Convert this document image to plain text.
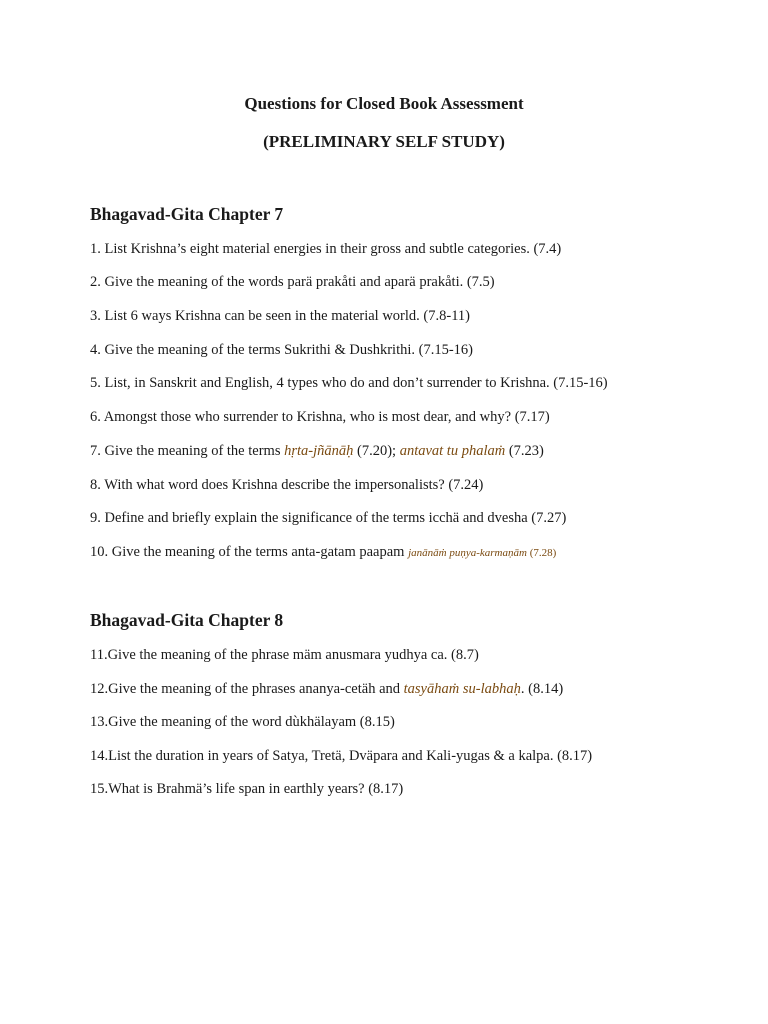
Questions for Closed Book Assessment
(PRELIMINARY SELF STUDY)
Bhagavad-Gita Chapter 7
1. List Krishna’s eight material energies in their gross and subtle categories. (7.4)
2. Give the meaning of the words parä prakåti and aparä prakåti. (7.5)
3. List 6 ways Krishna can be seen in the material world. (7.8-11)
4. Give the meaning of the terms Sukrithi & Dushkrithi. (7.15-16)
5. List, in Sanskrit and English, 4 types who do and don’t surrender to Krishna. (7.15-16)
6. Amongst those who surrender to Krishna, who is most dear, and why? (7.17)
7. Give the meaning of the terms hṛta-jñānāḥ (7.20); antavat tu phalaṁ (7.23)
8. With what word does Krishna describe the impersonalists? (7.24)
9. Define and briefly explain the significance of the terms icchä and dvesha (7.27)
10. Give the meaning of the terms anta-gatam paapam janānāṁ puṇya-karmaṇām (7.28)
Bhagavad-Gita Chapter 8
11.Give the meaning of the phrase mäm anusmara yudhya ca. (8.7)
12.Give the meaning of the phrases ananya-cetäh and tasyāhaṁ su-labhaḥ. (8.14)
13.Give the meaning of the word dùkhälayam (8.15)
14.List the duration in years of Satya, Tretä, Dväpara and Kali-yugas & a kalpa. (8.17)
15.What is Brahmä’s life span in earthly years? (8.17)
